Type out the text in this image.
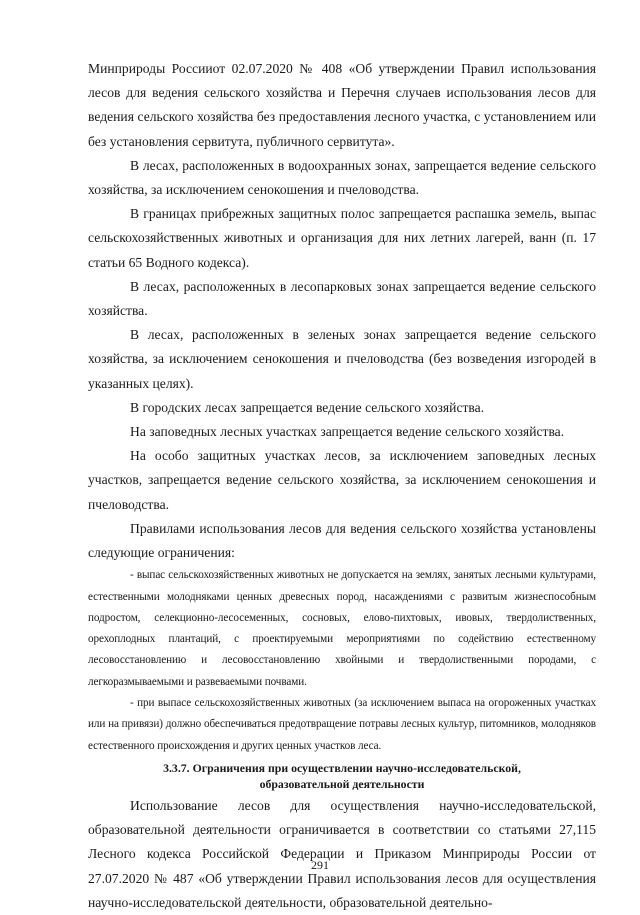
Минприроды Россииот 02.07.2020 № 408 «Об утверждении Правил использования лесов для ведения сельского хозяйства и Перечня случаев использования лесов для ведения сельского хозяйства без предоставления лесного участка, с установлением или без установления сервитута, публичного сервитута».

В лесах, расположенных в водоохранных зонах, запрещается ведение сельского хозяйства, за исключением сенокошения и пчеловодства.

В границах прибрежных защитных полос запрещается распашка земель, выпас сельскохозяйственных животных и организация для них летних лагерей, ванн (п. 17 статьи 65 Водного кодекса).

В лесах, расположенных в лесопарковых зонах запрещается ведение сельского хозяйства.

В лесах, расположенных в зеленых зонах запрещается ведение сельского хозяйства, за исключением сенокошения и пчеловодства (без возведения изгородей в указанных целях).

В городских лесах запрещается ведение сельского хозяйства.

На заповедных лесных участках запрещается ведение сельского хозяйства.

На особо защитных участках лесов, за исключением заповедных лесных участков, запрещается ведение сельского хозяйства, за исключением сенокошения и пчеловодства.

Правилами использования лесов для ведения сельского хозяйства установлены следующие ограничения:

- выпас сельскохозяйственных животных не допускается на землях, занятых лесными культурами, естественными молодняками ценных древесных пород, насаждениями с развитым жизнеспособным подростом, селекционно-лесосеменных, сосновых, елово-пихтовых, ивовых, твердолиственных, орехоплодных плантаций, с проектируемыми мероприятиями по содействию естественному лесовосстановлению и лесовосстановлению хвойными и твердолиственными породами, с легкоразмываемыми и развеваемыми почвами.

- при выпасе сельскохозяйственных животных (за исключением выпаса на огороженных участках или на привязи) должно обеспечиваться предотвращение потравы лесных культур, питомников, молодняков естественного происхождения и других ценных участков леса.

3.3.7. Ограничения при осуществлении научно-исследовательской,
образовательной деятельности

Использование лесов для осуществления научно-исследовательской, образовательной деятельности ограничивается в соответствии со статьями 27,115 Лесного кодекса Российской Федерации и Приказом Минприроды России от 27.07.2020 № 487 «Об утверждении Правил использования лесов для осуществления научно-исследовательской деятельности, образовательной деятельно-

291
